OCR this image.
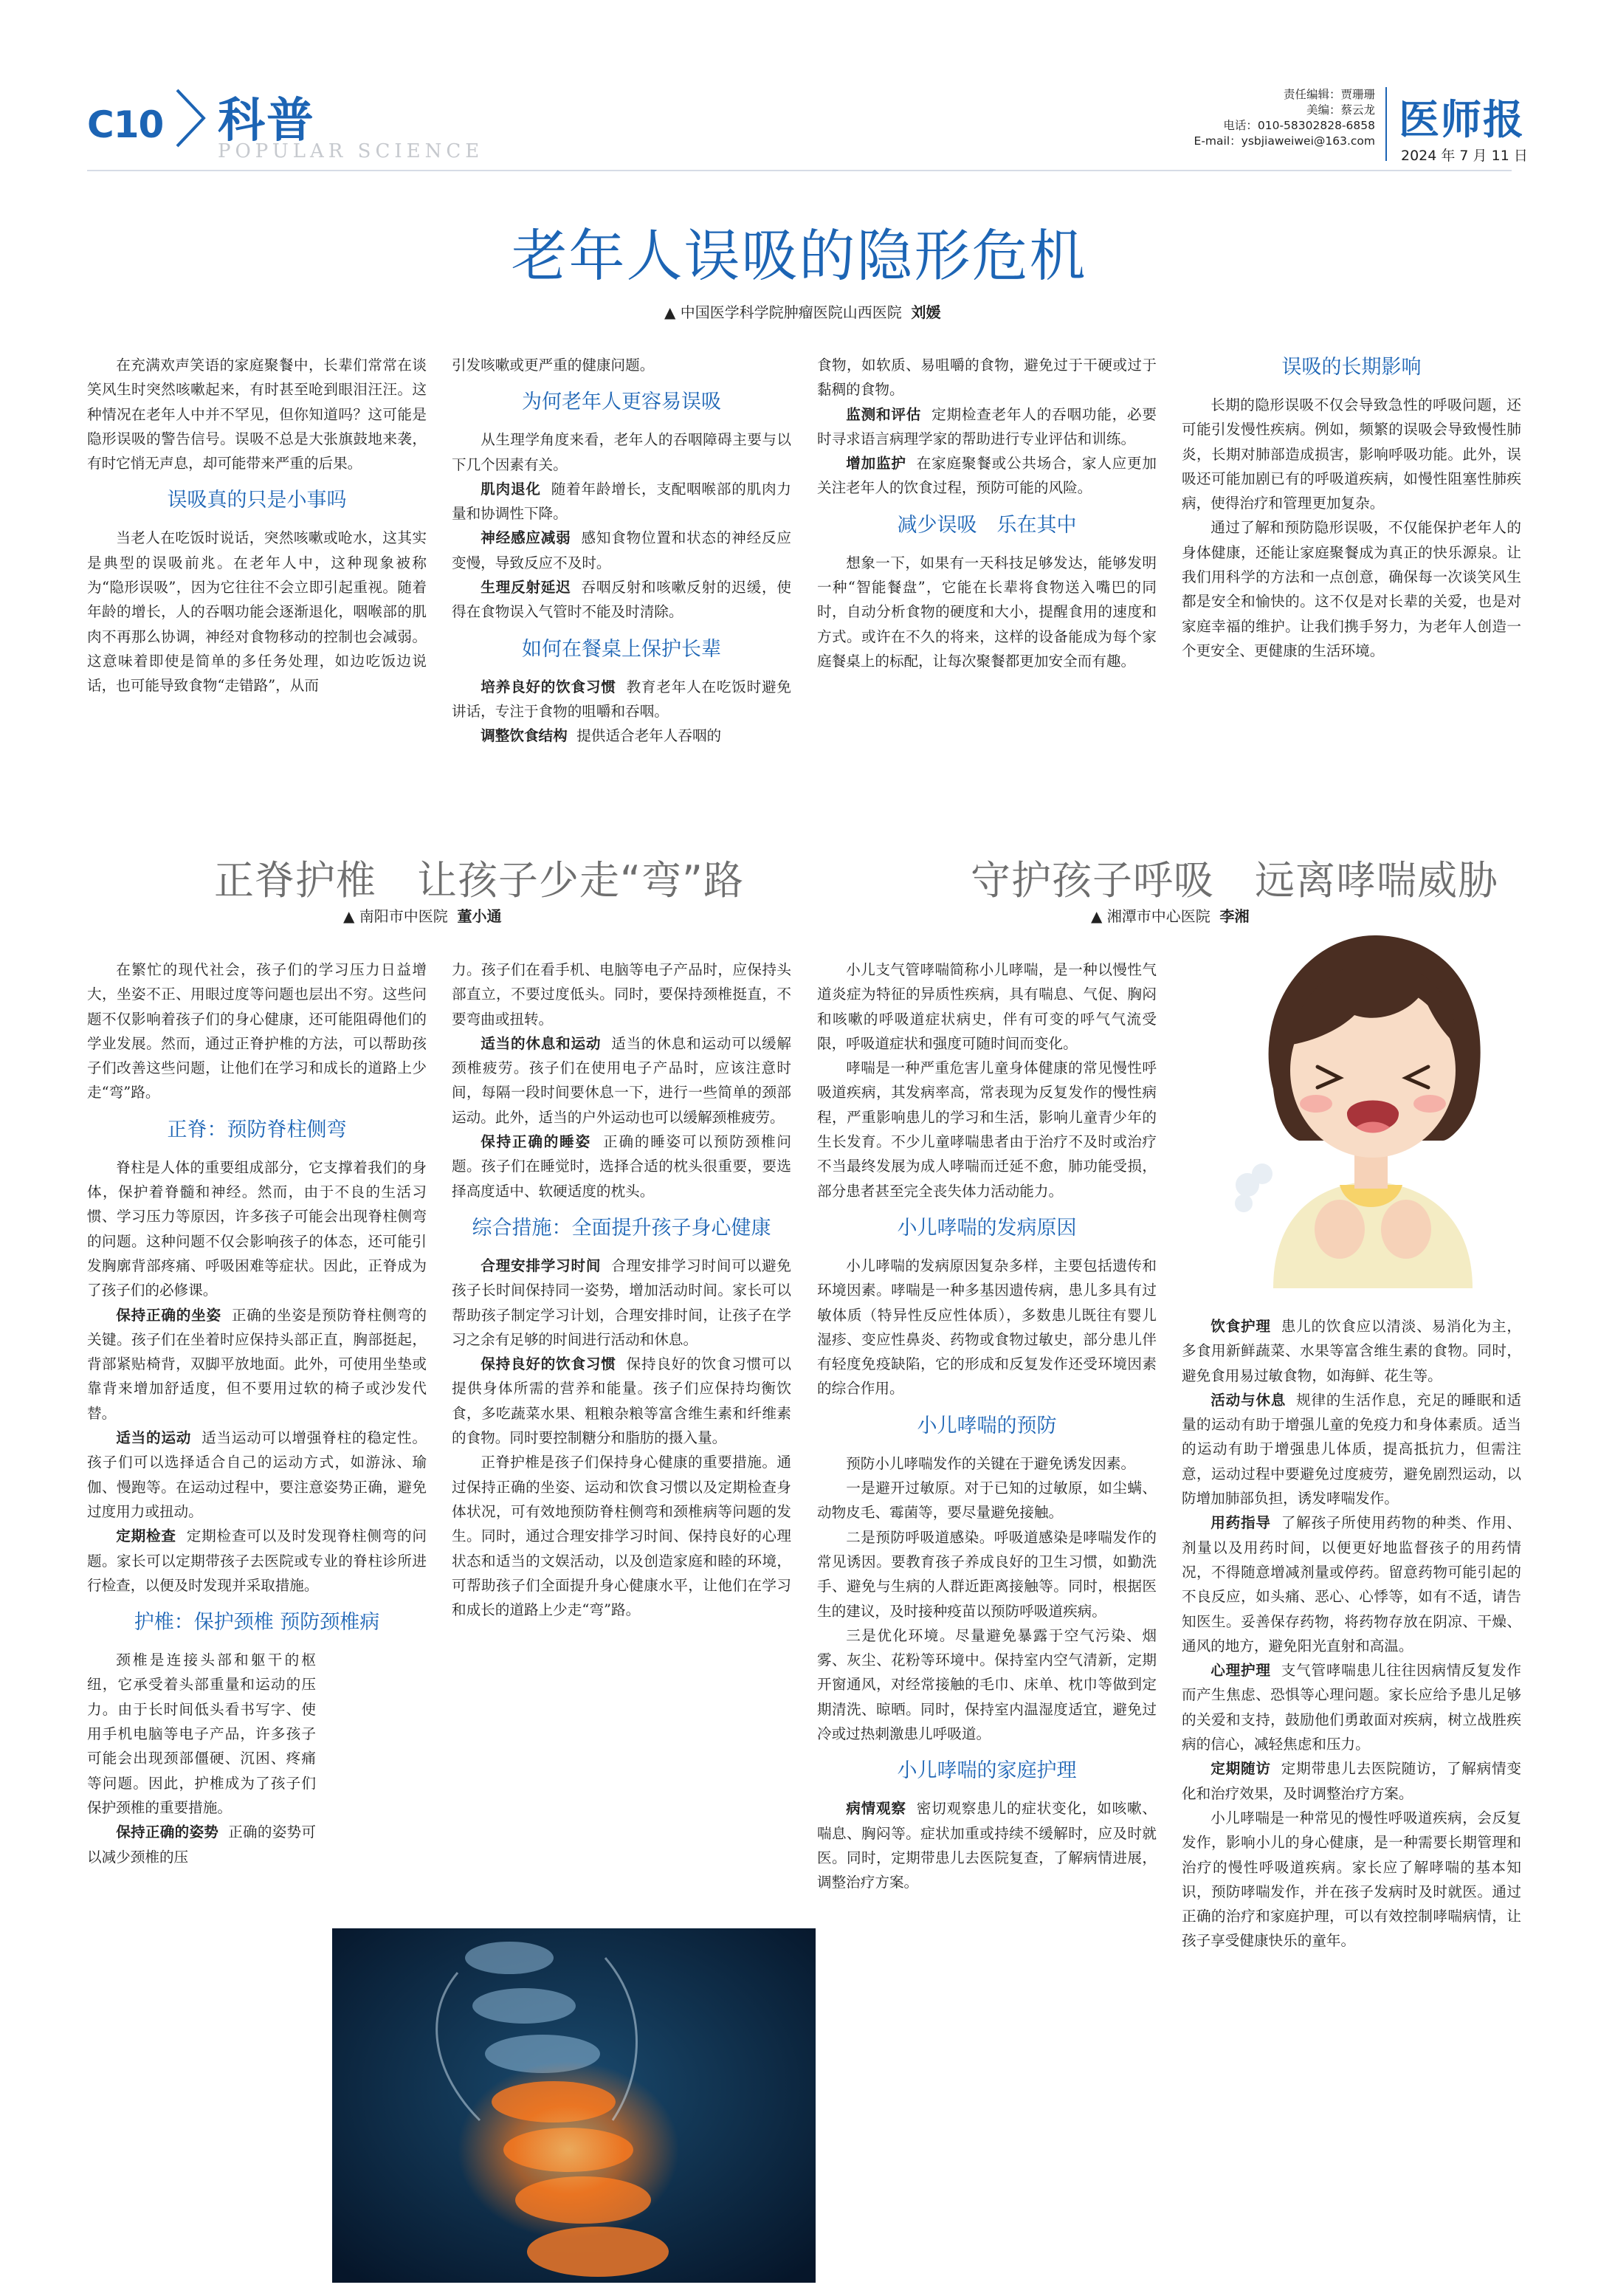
C10 科普
POPULAR SCIENCE
责任编辑：贾珊珊
美编：蔡云龙
电话：010-58302828-6858
E-mail：ysbjiaweiwei@163.com 医师报
2024 年 7 月 11 日
老年人误吸的隐形危机
▲ 中国医学科学院肿瘤医院山西医院 刘媛

在充满欢声笑语的家庭聚餐中，长辈们常常在谈笑风生时突然咳嗽起来，有时甚至呛到眼泪汪汪。这种情况在老年人中并不罕见，但你知道吗？这可能是隐形误吸的警告信号。误吸不总是大张旗鼓地来袭，有时它悄无声息，却可能带来严重的后果。

误吸真的只是小事吗

当老人在吃饭时说话，突然咳嗽或呛水，这其实是典型的误吸前兆。在老年人中，这种现象被称为“隐形误吸”，因为它往往不会立即引起重视。随着年龄的增长，人的吞咽功能会逐渐退化，咽喉部的肌肉不再那么协调，神经对食物移动的控制也会减弱。这意味着即使是简单的多任务处理，如边吃饭边说话，也可能导致食物“走错路”，从而

引发咳嗽或更严重的健康问题。

为何老年人更容易误吸

从生理学角度来看，老年人的吞咽障碍主要与以下几个因素有关。

肌肉退化 随着年龄增长，支配咽喉部的肌肉力量和协调性下降。

神经感应减弱 感知食物位置和状态的神经反应变慢，导致反应不及时。

生理反射延迟 吞咽反射和咳嗽反射的迟缓，使得在食物误入气管时不能及时清除。

如何在餐桌上保护长辈

培养良好的饮食习惯 教育老年人在吃饭时避免讲话，专注于食物的咀嚼和吞咽。

调整饮食结构 提供适合老年人吞咽的

食物，如软质、易咀嚼的食物，避免过于干硬或过于黏稠的食物。

监测和评估 定期检查老年人的吞咽功能，必要时寻求语言病理学家的帮助进行专业评估和训练。

增加监护 在家庭聚餐或公共场合，家人应更加关注老年人的饮食过程，预防可能的风险。

减少误吸　乐在其中

想象一下，如果有一天科技足够发达，能够发明一种“智能餐盘”，它能在长辈将食物送入嘴巴的同时，自动分析食物的硬度和大小，提醒食用的速度和方式。或许在不久的将来，这样的设备能成为每个家庭餐桌上的标配，让每次聚餐都更加安全而有趣。

误吸的长期影响

长期的隐形误吸不仅会导致急性的呼吸问题，还可能引发慢性疾病。例如，频繁的误吸会导致慢性肺炎，长期对肺部造成损害，影响呼吸功能。此外，误吸还可能加剧已有的呼吸道疾病，如慢性阻塞性肺疾病，使得治疗和管理更加复杂。

通过了解和预防隐形误吸，不仅能保护老年人的身体健康，还能让家庭聚餐成为真正的快乐源泉。让我们用科学的方法和一点创意，确保每一次谈笑风生都是安全和愉快的。这不仅是对长辈的关爱，也是对家庭幸福的维护。让我们携手努力，为老年人创造一个更安全、更健康的生活环境。

正脊护椎　让孩子少走“弯”路
▲ 南阳市中医院 董小通

在繁忙的现代社会，孩子们的学习压力日益增大，坐姿不正、用眼过度等问题也层出不穷。这些问题不仅影响着孩子们的身心健康，还可能阻碍他们的学业发展。然而，通过正脊护椎的方法，可以帮助孩子们改善这些问题，让他们在学习和成长的道路上少走“弯”路。

正脊：预防脊柱侧弯

脊柱是人体的重要组成部分，它支撑着我们的身体，保护着脊髓和神经。然而，由于不良的生活习惯、学习压力等原因，许多孩子可能会出现脊柱侧弯的问题。这种问题不仅会影响孩子的体态，还可能引发胸廓背部疼痛、呼吸困难等症状。因此，正脊成为了孩子们的必修课。

保持正确的坐姿 正确的坐姿是预防脊柱侧弯的关键。孩子们在坐着时应保持头部正直，胸部挺起，背部紧贴椅背，双脚平放地面。此外，可使用坐垫或靠背来增加舒适度，但不要用过软的椅子或沙发代替。

适当的运动 适当运动可以增强脊柱的稳定性。孩子们可以选择适合自己的运动方式，如游泳、瑜伽、慢跑等。在运动过程中，要注意姿势正确，避免过度用力或扭动。

定期检查 定期检查可以及时发现脊柱侧弯的问题。家长可以定期带孩子去医院或专业的脊柱诊所进行检查，以便及时发现并采取措施。

护椎：保护颈椎 预防颈椎病

颈椎是连接头部和躯干的枢纽，它承受着头部重量和运动的压力。由于长时间低头看书写字、使用手机电脑等电子产品，许多孩子可能会出现颈部僵硬、沉困、疼痛等问题。因此，护椎成为了孩子们保护颈椎的重要措施。

保持正确的姿势 正确的姿势可以减少颈椎的压

力。孩子们在看手机、电脑等电子产品时，应保持头部直立，不要过度低头。同时，要保持颈椎挺直，不要弯曲或扭转。

适当的休息和运动 适当的休息和运动可以缓解颈椎疲劳。孩子们在使用电子产品时，应该注意时间，每隔一段时间要休息一下，进行一些简单的颈部运动。此外，适当的户外运动也可以缓解颈椎疲劳。

保持正确的睡姿 正确的睡姿可以预防颈椎问题。孩子们在睡觉时，选择合适的枕头很重要，要选择高度适中、软硬适度的枕头。

综合措施：全面提升孩子身心健康

合理安排学习时间 合理安排学习时间可以避免孩子长时间保持同一姿势，增加活动时间。家长可以帮助孩子制定学习计划，合理安排时间，让孩子在学习之余有足够的时间进行活动和休息。

保持良好的饮食习惯 保持良好的饮食习惯可以提供身体所需的营养和能量。孩子们应保持均衡饮食，多吃蔬菜水果、粗粮杂粮等富含维生素和纤维素的食物。同时要控制糖分和脂肪的摄入量。

正脊护椎是孩子们保持身心健康的重要措施。通过保持正确的坐姿、运动和饮食习惯以及定期检查身体状况，可有效地预防脊柱侧弯和颈椎病等问题的发生。同时，通过合理安排学习时间、保持良好的心理状态和适当的文娱活动，以及创造家庭和睦的环境，可帮助孩子们全面提升身心健康水平，让他们在学习和成长的道路上少走“弯”路。

守护孩子呼吸　远离哮喘威胁
▲ 湘潭市中心医院 李湘

小儿支气管哮喘简称小儿哮喘，是一种以慢性气道炎症为特征的异质性疾病，具有喘息、气促、胸闷和咳嗽的呼吸道症状病史，伴有可变的呼气气流受限，呼吸道症状和强度可随时间而变化。

哮喘是一种严重危害儿童身体健康的常见慢性呼吸道疾病，其发病率高，常表现为反复发作的慢性病程，严重影响患儿的学习和生活，影响儿童青少年的生长发育。不少儿童哮喘患者由于治疗不及时或治疗不当最终发展为成人哮喘而迁延不愈，肺功能受损，部分患者甚至完全丧失体力活动能力。

小儿哮喘的发病原因

小儿哮喘的发病原因复杂多样，主要包括遗传和环境因素。哮喘是一种多基因遗传病，患儿多具有过敏体质（特异性反应性体质），多数患儿既往有婴儿湿疹、变应性鼻炎、药物或食物过敏史，部分患儿伴有轻度免疫缺陷，它的形成和反复发作还受环境因素的综合作用。

小儿哮喘的预防

预防小儿哮喘发作的关键在于避免诱发因素。

一是避开过敏原。对于已知的过敏原，如尘螨、动物皮毛、霉菌等，要尽量避免接触。

二是预防呼吸道感染。呼吸道感染是哮喘发作的常见诱因。要教育孩子养成良好的卫生习惯，如勤洗手、避免与生病的人群近距离接触等。同时，根据医生的建议，及时接种疫苗以预防呼吸道疾病。

三是优化环境。尽量避免暴露于空气污染、烟雾、灰尘、花粉等环境中。保持室内空气清新，定期开窗通风，对经常接触的毛巾、床单、枕巾等做到定期清洗、晾晒。同时，保持室内温湿度适宜，避免过冷或过热刺激患儿呼吸道。

小儿哮喘的家庭护理

病情观察 密切观察患儿的症状变化，如咳嗽、喘息、胸闷等。症状加重或持续不缓解时，应及时就医。同时，定期带患儿去医院复查，了解病情进展，调整治疗方案。

饮食护理 患儿的饮食应以清淡、易消化为主，多食用新鲜蔬菜、水果等富含维生素的食物。同时，避免食用易过敏食物，如海鲜、花生等。

活动与休息 规律的生活作息，充足的睡眠和适量的运动有助于增强儿童的免疫力和身体素质。适当的运动有助于增强患儿体质，提高抵抗力，但需注意，运动过程中要避免过度疲劳，避免剧烈运动，以防增加肺部负担，诱发哮喘发作。

用药指导 了解孩子所使用药物的种类、作用、剂量以及用药时间，以便更好地监督孩子的用药情况，不得随意增减剂量或停药。留意药物可能引起的不良反应，如头痛、恶心、心悸等，如有不适，请告知医生。妥善保存药物，将药物存放在阴凉、干燥、通风的地方，避免阳光直射和高温。

心理护理 支气管哮喘患儿往往因病情反复发作而产生焦虑、恐惧等心理问题。家长应给予患儿足够的关爱和支持，鼓励他们勇敢面对疾病，树立战胜疾病的信心，减轻焦虑和压力。

定期随访 定期带患儿去医院随访，了解病情变化和治疗效果，及时调整治疗方案。

小儿哮喘是一种常见的慢性呼吸道疾病，会反复发作，影响小儿的身心健康，是一种需要长期管理和治疗的慢性呼吸道疾病。家长应了解哮喘的基本知识，预防哮喘发作，并在孩子发病时及时就医。通过正确的治疗和家庭护理，可以有效控制哮喘病情，让孩子享受健康快乐的童年。
